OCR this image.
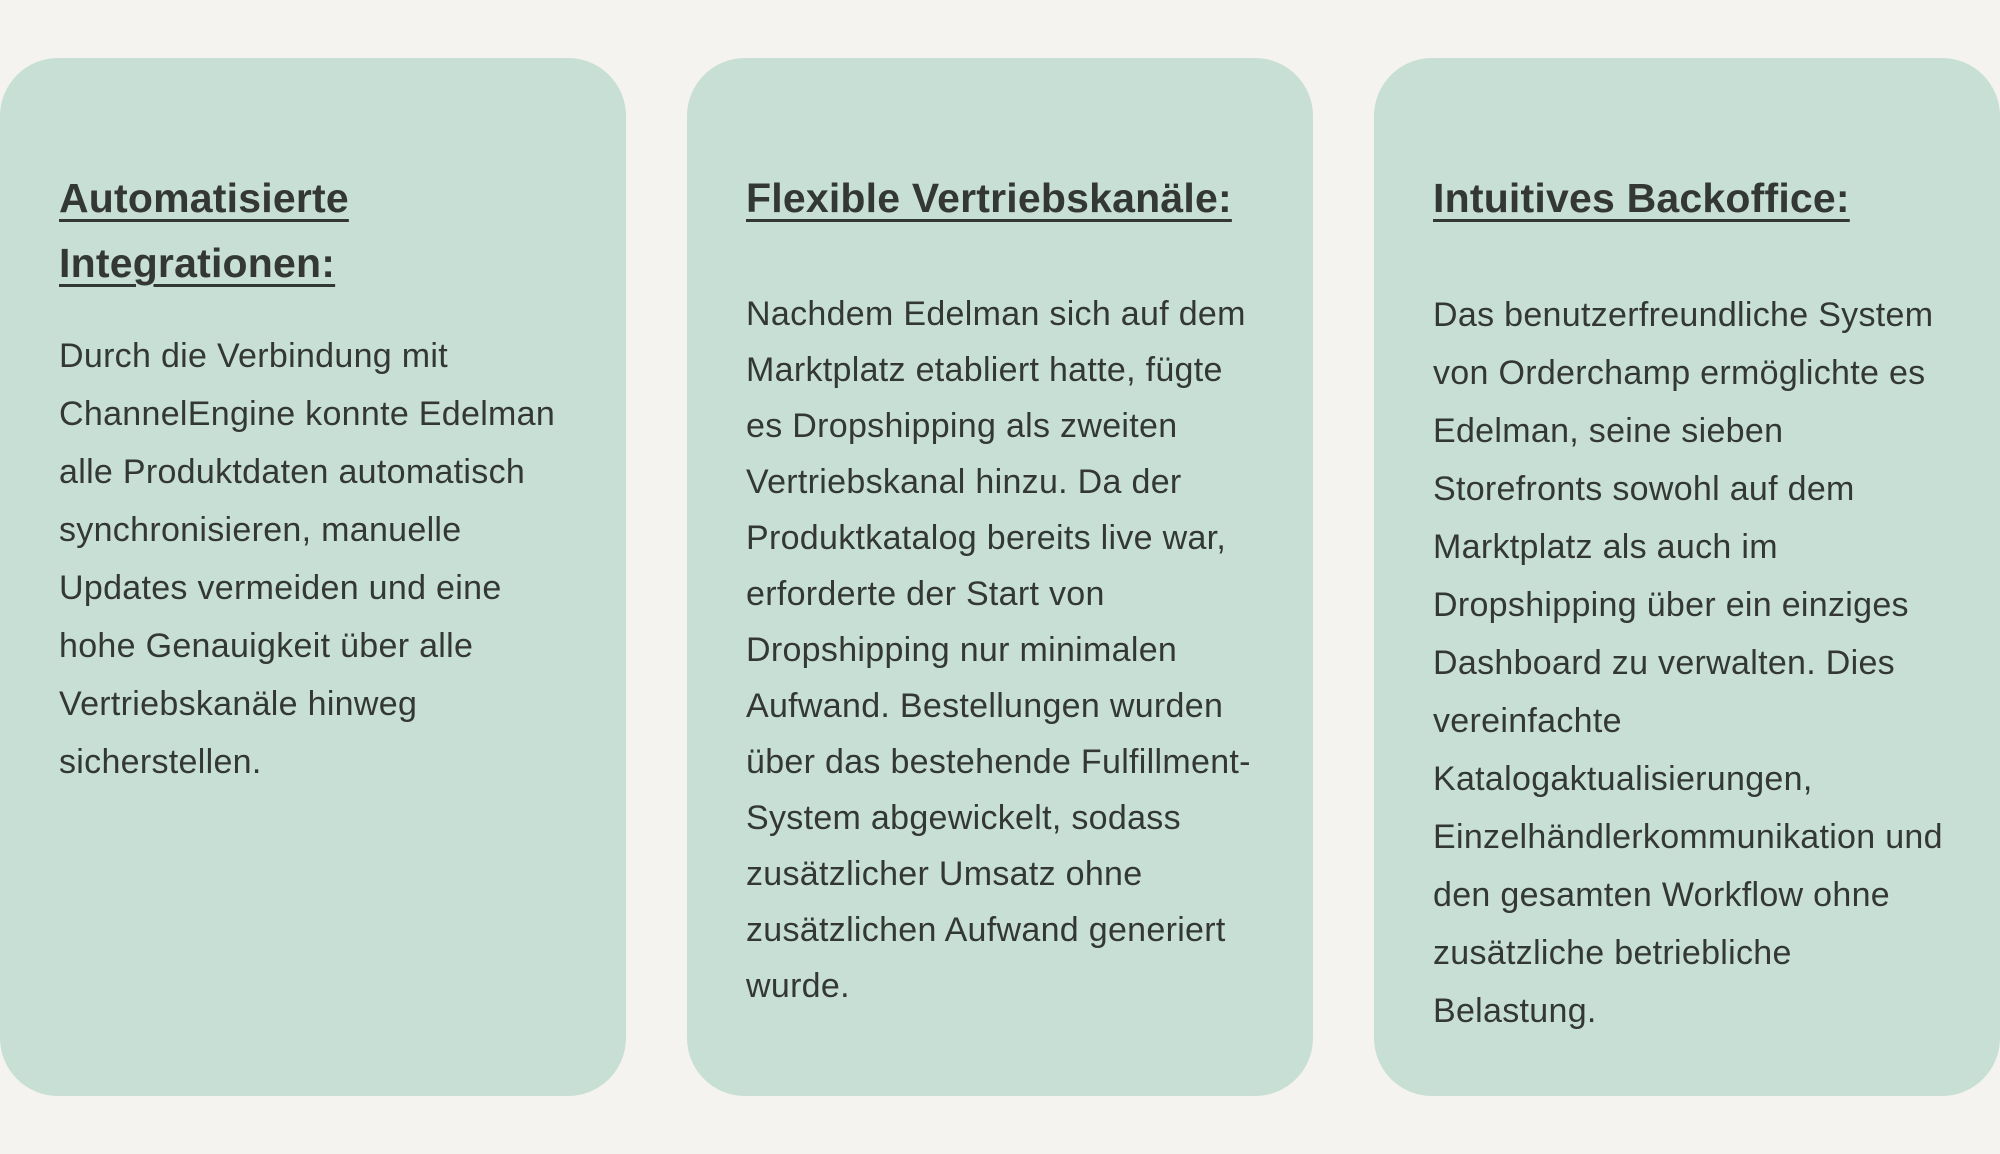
Automatisierte Integrationen:

Durch die Verbindung mit ChannelEngine konnte Edelman alle Produktdaten automatisch synchronisieren, manuelle Updates vermeiden und eine hohe Genauigkeit über alle Vertriebskanäle hinweg sicherstellen.

Flexible Vertriebskanäle:

Nachdem Edelman sich auf dem Marktplatz etabliert hatte, fügte es Dropshipping als zweiten Vertriebskanal hinzu. Da der Produktkatalog bereits live war, erforderte der Start von Dropshipping nur minimalen Aufwand. Bestellungen wurden über das bestehende Fulfillment-System abgewickelt, sodass zusätzlicher Umsatz ohne zusätzlichen Aufwand generiert wurde.

Intuitives Backoffice:

Das benutzerfreundliche System von Orderchamp ermöglichte es Edelman, seine sieben Storefronts sowohl auf dem Marktplatz als auch im Dropshipping über ein einziges Dashboard zu verwalten. Dies vereinfachte Katalogaktualisierungen, Einzelhändlerkommunikation und den gesamten Workflow ohne zusätzliche betriebliche Belastung.
